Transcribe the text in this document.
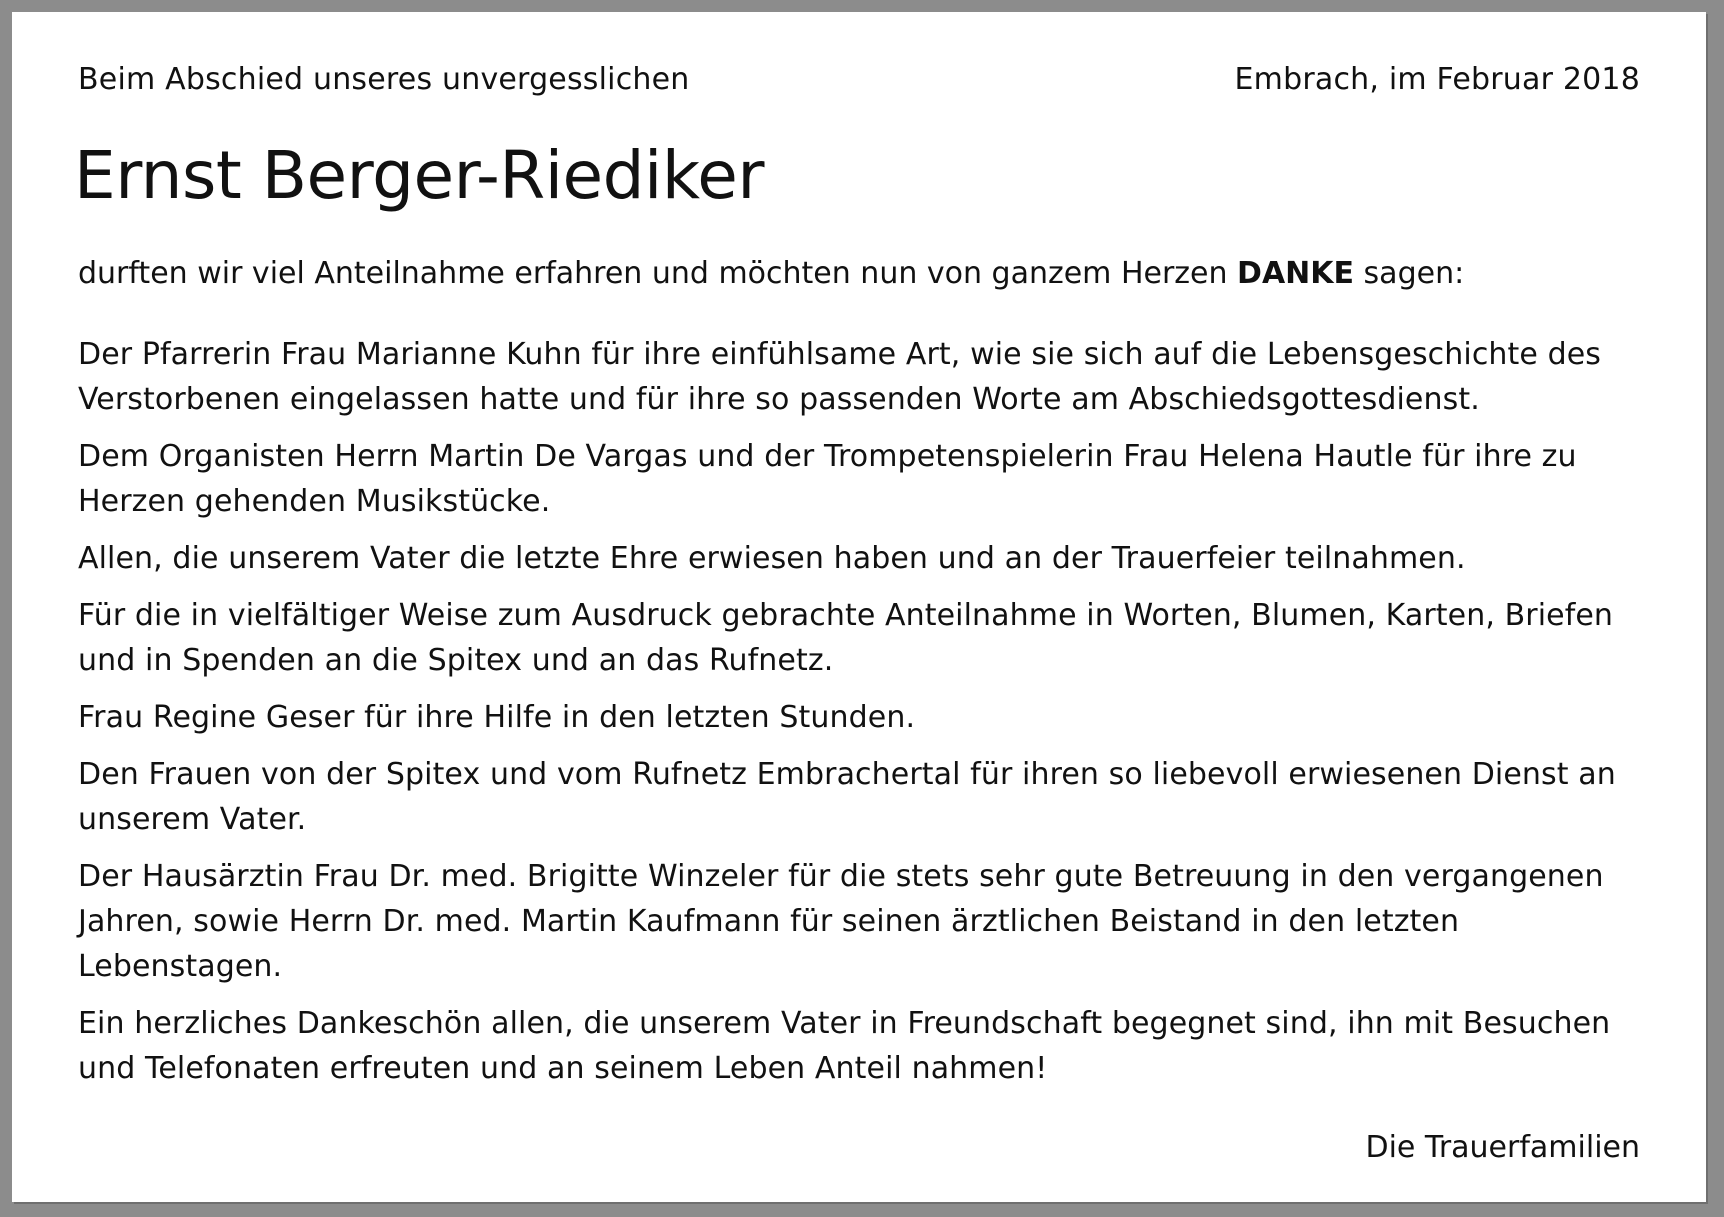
Beim Abschied unseres unvergesslichen	Embrach, im Februar 2018
Ernst Berger-Riediker

durften wir viel Anteilnahme erfahren und möchten nun von ganzem Herzen DANKE sagen:

Der Pfarrerin Frau Marianne Kuhn für ihre einfühlsame Art, wie sie sich auf die Lebensgeschichte des Verstorbenen eingelassen hatte und für ihre so passenden Worte am Abschiedsgottesdienst.
Dem Organisten Herrn Martin De Vargas und der Trompetenspielerin Frau Helena Hautle für ihre zu Herzen gehenden Musikstücke.
Allen, die unserem Vater die letzte Ehre erwiesen haben und an der Trauerfeier teilnahmen.
Für die in vielfältiger Weise zum Ausdruck gebrachte Anteilnahme in Worten, Blumen, Karten, Briefen und in Spenden an die Spitex und an das Rufnetz.
Frau Regine Geser für ihre Hilfe in den letzten Stunden.
Den Frauen von der Spitex und vom Rufnetz Embrachertal für ihren so liebevoll erwiesenen Dienst an unserem Vater.
Der Hausärztin Frau Dr. med. Brigitte Winzeler für die stets sehr gute Betreuung in den vergangenen Jahren, sowie Herrn Dr. med. Martin Kaufmann für seinen ärztlichen Beistand in den letzten Lebenstagen.
Ein herzliches Dankeschön allen, die unserem Vater in Freundschaft begegnet sind, ihn mit Besuchen und Telefonaten erfreuten und an seinem Leben Anteil nahmen!
Die Trauerfamilien
